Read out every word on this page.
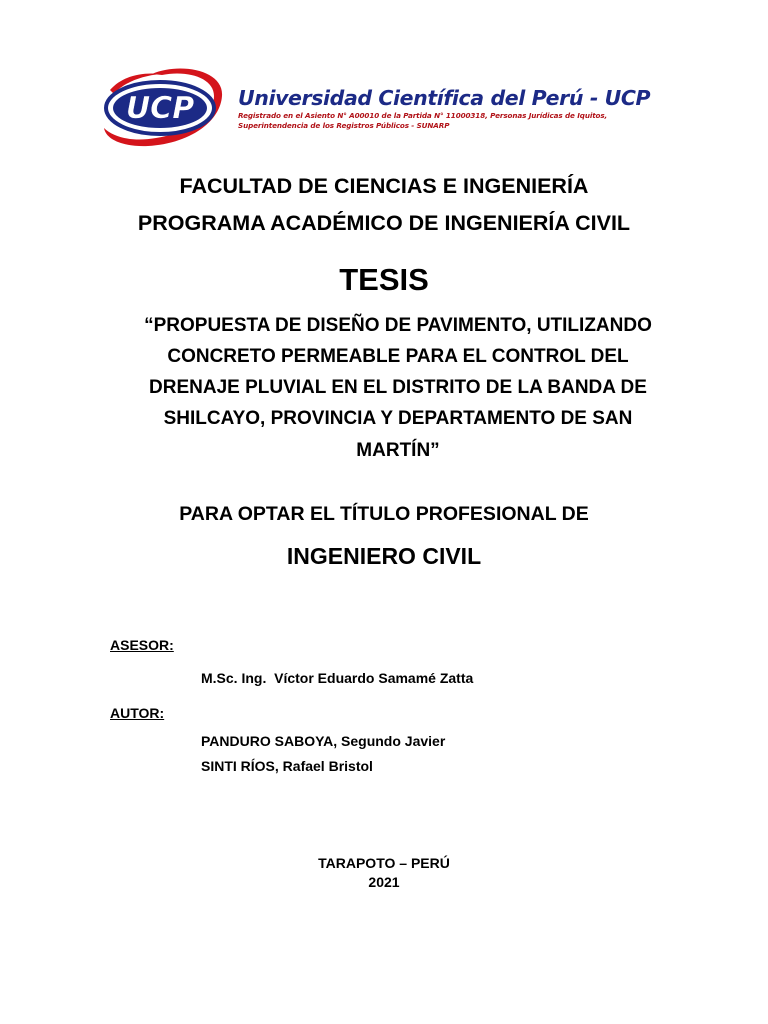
UCP Universidad Científica del Perú - UCP
Registrado en el Asiento N° A00010 de la Partida N° 11000318, Personas Jurídicas de Iquitos,
Superintendencia de los Registros Públicos - SUNARP
FACULTAD DE CIENCIAS E INGENIERÍA
PROGRAMA ACADÉMICO DE INGENIERÍA CIVIL
TESIS
“PROPUESTA DE DISEÑO DE PAVIMENTO, UTILIZANDO
CONCRETO PERMEABLE PARA EL CONTROL DEL
DRENAJE PLUVIAL EN EL DISTRITO DE LA BANDA DE
SHILCAYO, PROVINCIA Y DEPARTAMENTO DE SAN
MARTÍN”
PARA OPTAR EL TÍTULO PROFESIONAL DE
INGENIERO CIVIL
ASESOR:
M.Sc. Ing.  Víctor Eduardo Samamé Zatta
AUTOR:
PANDURO SABOYA, Segundo Javier
SINTI RÍOS, Rafael Bristol
TARAPOTO – PERÚ
2021
